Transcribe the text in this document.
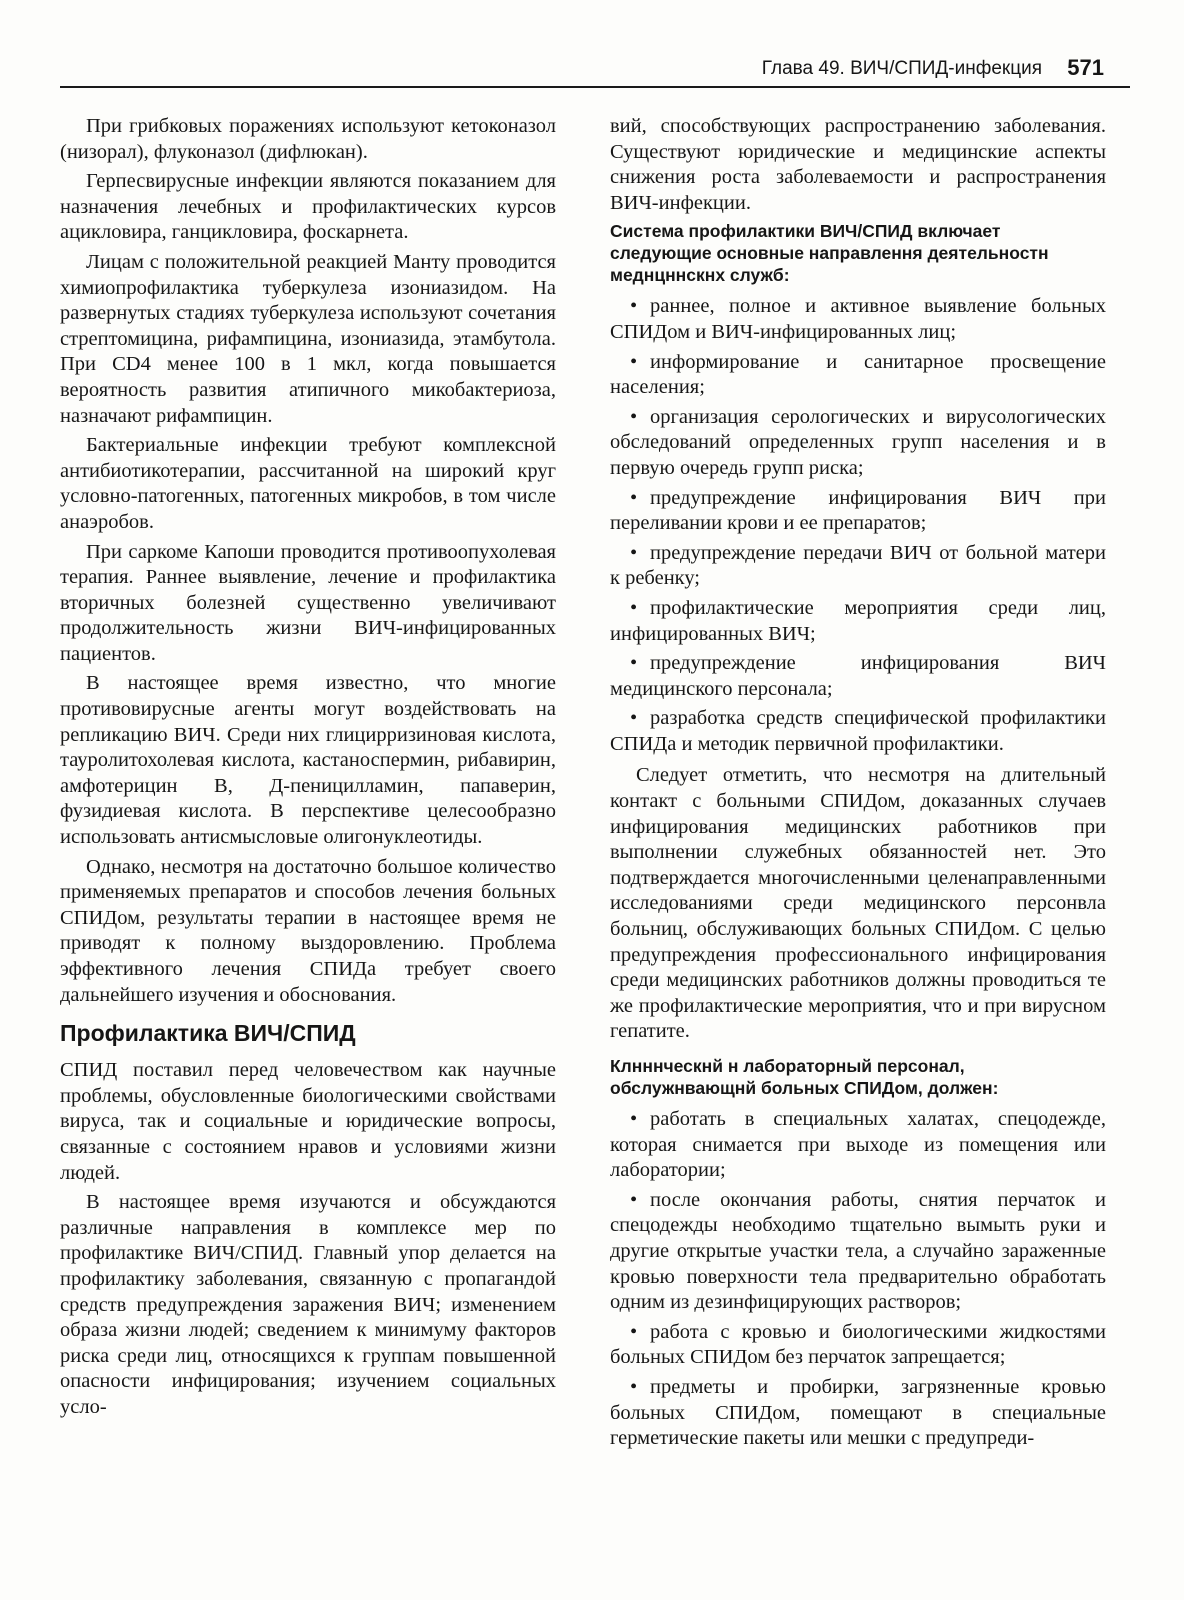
Глава 49. ВИЧ/СПИД-инфекция 571

При грибковых поражениях используют кетоконазол (низорал), флуконазол (дифлюкан).

Герпесвирусные инфекции являются показанием для назначения лечебных и профилактических курсов ацикловира, ганцикловира, фоскарнета.

Лицам с положительной реакцией Манту проводится химиопрофилактика туберкулеза изониазидом. На развернутых стадиях туберкулеза используют сочетания стрептомицина, рифампицина, изониазида, этамбутола. При CD4 менее 100 в 1 мкл, когда повышается вероятность развития атипичного микобактериоза, назначают рифампицин.

Бактериальные инфекции требуют комплексной антибиотикотерапии, рассчитанной на широкий круг условно-патогенных, патогенных микробов, в том числе анаэробов.

При саркоме Капоши проводится противоопухолевая терапия. Раннее выявление, лечение и профилактика вторичных болезней существенно увеличивают продолжительность жизни ВИЧ-инфицированных пациентов.

В настоящее время известно, что многие противовирусные агенты могут воздействовать на репликацию ВИЧ. Среди них глицирризиновая кислота, тауролитохолевая кислота, кастаноспермин, рибавирин, амфотерицин В, Д-пеницилламин, папаверин, фузидиевая кислота. В перспективе целесообразно использовать антисмысловые олигонуклеотиды.

Однако, несмотря на достаточно большое количество применяемых препаратов и способов лечения больных СПИДом, результаты терапии в настоящее время не приводят к полному выздоровлению. Проблема эффективного лечения СПИДа требует своего дальнейшего изучения и обоснования.

Профилактика ВИЧ/СПИД

СПИД поставил перед человечеством как научные проблемы, обусловленные биологическими свойствами вируса, так и социальные и юридические вопросы, связанные с состоянием нравов и условиями жизни людей.

В настоящее время изучаются и обсуждаются различные направления в комплексе мер по профилактике ВИЧ/СПИД. Главный упор делается на профилактику заболевания, связанную с пропагандой средств предупреждения заражения ВИЧ; изменением образа жизни людей; сведением к минимуму факторов риска среди лиц, относящихся к группам повышенной опасности инфицирования; изучением социальных усло-

вий, способствующих распространению заболевания. Существуют юридические и медицинские аспекты снижения роста заболеваемости и распространения ВИЧ-инфекции.

Система профилактики ВИЧ/СПИД включает следующие основные направлення деятельностн меднцннскнх служб:
• раннее, полное и активное выявление больных СПИДом и ВИЧ-инфицированных лиц;
• информирование и санитарное просвещение населения;
• организация серологических и вирусологических обследований определенных групп населения и в первую очередь групп риска;
• предупреждение инфицирования ВИЧ при переливании крови и ее препаратов;
• предупреждение передачи ВИЧ от больной матери к ребенку;
• профилактические мероприятия среди лиц, инфицированных ВИЧ;
• предупреждение инфицирования ВИЧ медицинского персонала;
• разработка средств специфической профилактики СПИДа и методик первичной профилактики.

Следует отметить, что несмотря на длительный контакт с больными СПИДом, доказанных случаев инфицирования медицинских работников при выполнении служебных обязанностей нет. Это подтверждается многочисленными целенаправленными исследованиями среди медицинского персонвла больниц, обслуживающих больных СПИДом. С целью предупреждения профессионального инфицирования среди медицинских работников должны проводиться те же профилактические мероприятия, что и при вирусном гепатите.

Клнннческнй н лабораторный персонал, обслужнвающнй больных СПИДом, должен:
• работать в специальных халатах, спецодежде, которая снимается при выходе из помещения или лаборатории;
• после окончания работы, снятия перчаток и спецодежды необходимо тщательно вымыть руки и другие открытые участки тела, а случайно зараженные кровью поверхности тела предварительно обработать одним из дезинфицирующих растворов;
• работа с кровью и биологическими жидкостями больных СПИДом без перчаток запрещается;
• предметы и пробирки, загрязненные кровью больных СПИДом, помещают в специальные герметические пакеты или мешки с предупреди-
